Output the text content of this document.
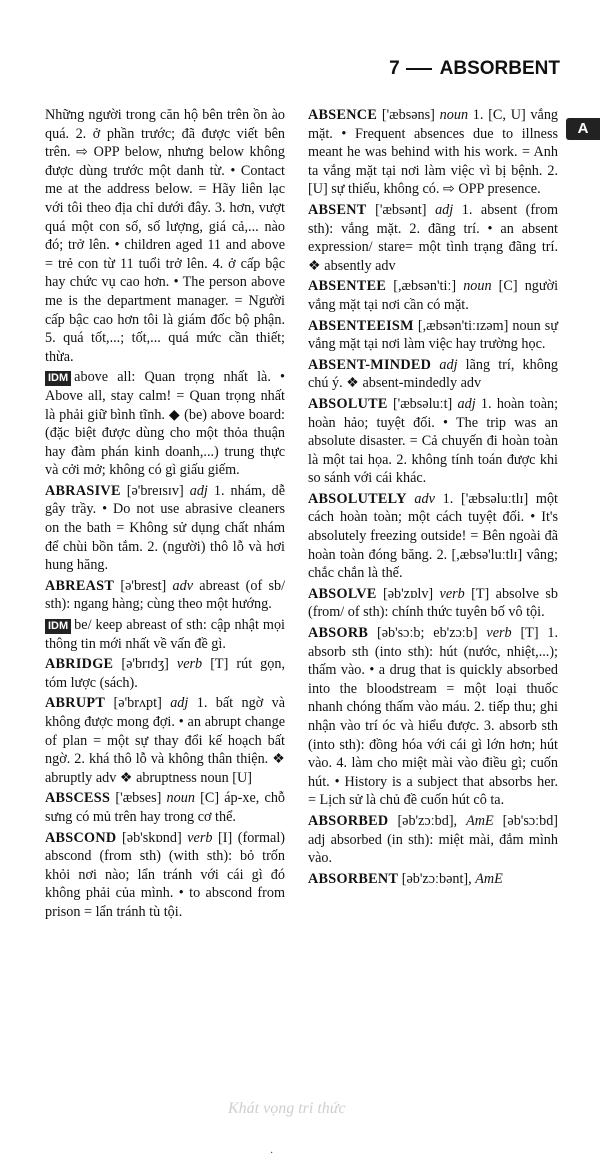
7 ABSORBENT
A

Những người trong căn hộ bên trên ồn ào quá. 2. ở phần trước; đã được viết bên trên. ⇨ OPP below, nhưng below không được dùng trước một danh từ. • Contact me at the address below. = Hãy liên lạc với tôi theo địa chỉ dưới đây. 3. hơn, vượt quá một con số, số lượng, giá cả,... nào đó; trở lên. • children aged 11 and above = trẻ con từ 11 tuổi trở lên. 4. ở cấp bậc hay chức vụ cao hơn. • The person above me is the department manager. = Người cấp bậc cao hơn tôi là giám đốc bộ phận. 5. quá tốt,...; tốt,... quá mức cần thiết; thừa.

IDM above all: Quan trọng nhất là. • Above all, stay calm! = Quan trọng nhất là phải giữ bình tĩnh. ◆ (be) above board: (đặc biệt được dùng cho một thỏa thuận hay đàm phán kinh doanh,...) trung thực và cởi mở; không có gì giấu giếm.

ABRASIVE [ə'breɪsɪv] adj 1. nhám, dễ gây trầy. • Do not use abrasive cleaners on the bath = Không sử dụng chất nhám để chùi bồn tắm. 2. (người) thô lỗ và hơi hung hăng.

ABREAST [ə'brest] adv abreast (of sb/ sth): ngang hàng; cùng theo một hướng.

IDM be/ keep abreast of sth: cập nhật mọi thông tin mới nhất về vấn đề gì.

ABRIDGE [ə'brɪdʒ] verb [T] rút gọn, tóm lược (sách).

ABRUPT [ə'brʌpt] adj 1. bất ngờ và không được mong đợi. • an abrupt change of plan = một sự thay đổi kế hoạch bất ngờ. 2. khá thô lỗ và không thân thiện. ❖ abruptly adv ❖ abruptness noun [U]

ABSCESS ['æbses] noun [C] áp-xe, chỗ sưng có mủ trên hay trong cơ thể.

ABSCOND [əb'skɒnd] verb [I] (formal) abscond (from sth) (with sth): bỏ trốn khỏi nơi nào; lẩn tránh với cái gì đó không phải của mình. • to abscond from prison = lẩn tránh tù tội.

ABSENCE ['æbsəns] noun 1. [C, U] vắng mặt. • Frequent absences due to illness meant he was behind with his work. = Anh ta vắng mặt tại nơi làm việc vì bị bệnh. 2. [U] sự thiếu, không có. ⇨ OPP presence.

ABSENT ['æbsənt] adj 1. absent (from sth): vắng mặt. 2. đãng trí. • an absent expression/ stare= một tình trạng đãng trí. ❖ absently adv

ABSENTEE [,æbsən'tiː] noun [C] người vắng mặt tại nơi cần có mặt.

ABSENTEEISM [,æbsən'tiːɪzəm] noun sự vắng mặt tại nơi làm việc hay trường học.

ABSENT-MINDED adj lãng trí, không chú ý. ❖ absent-mindedly adv

ABSOLUTE ['æbsəluːt] adj 1. hoàn toàn; hoàn hảo; tuyệt đối. • The trip was an absolute disaster. = Cả chuyến đi hoàn toàn là một tai họa. 2. không tính toán được khi so sánh với cái khác.

ABSOLUTELY adv 1. ['æbsəluːtlɪ] một cách hoàn toàn; một cách tuyệt đối. • It's absolutely freezing outside! = Bên ngoài đã hoàn toàn đóng băng. 2. [,æbsə'luːtlɪ] vâng; chắc chắn là thế.

ABSOLVE [əb'zɒlv] verb [T] absolve sb (from/ of sth): chính thức tuyên bố vô tội.

ABSORB [əb'sɔːb; eb'zɔːb] verb [T] 1. absorb sth (into sth): hút (nước, nhiệt,...); thấm vào. • a drug that is quickly absorbed into the bloodstream = một loại thuốc nhanh chóng thấm vào máu. 2. tiếp thu; ghi nhận vào trí óc và hiểu được. 3. absorb sth (into sth): đồng hóa với cái gì lớn hơn; hút vào. 4. làm cho miệt mài vào điều gì; cuốn hút. • History is a subject that absorbs her. = Lịch sử là chủ đề cuốn hút cô ta.

ABSORBED [əb'zɔːbd], AmE [əb'sɔːbd] adj absorbed (in sth): miệt mài, đắm mình vào.

ABSORBENT [əb'zɔːbənt], AmE

Khát vọng tri thức
·
